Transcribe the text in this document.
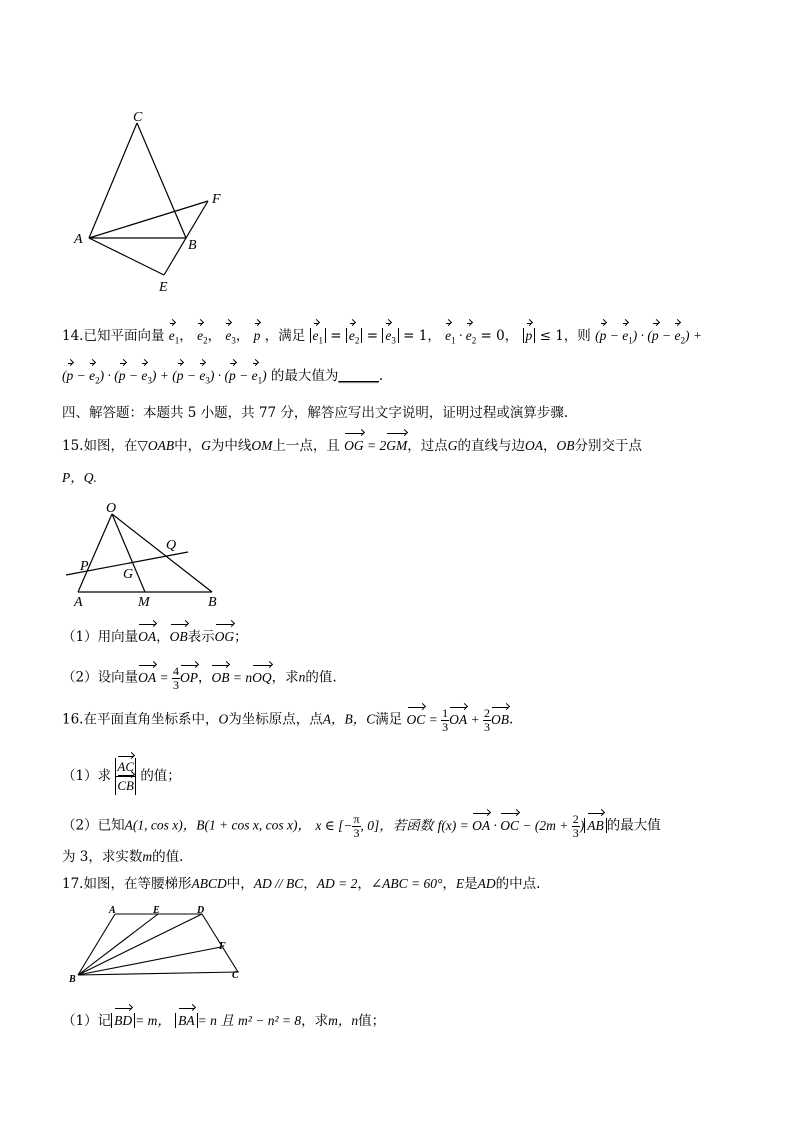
C
F
A	B
E
14.已知平面向量 $e_1$， $e_2$， $e_3$， p ，满足 $e_1 = e_2 = e_3 = 1$， $e_1 \cdot e_2 = 0$， p ≤ 1，则 $(p - e_1) \cdot (p - e_2)$ +
$(p - e_2) \cdot (p - e_3) + (p - e_3) \cdot (p - e_1)$ 的最大值为______.
四、解答题：本题共 5 小题，共 77 分，解答应写出文字说明，证明过程或演算步骤.
15.如图，在▽OAB中，G为中线OM上一点，且 OG = 2GM，过点G的直线与边OA，OB分别交于点
P，Q.
O
Q
P
G
A	M	B
（1）用向量OA，OB表示OG；
（2）设向量OA = $\frac{4}{3}$ OP，OB = nOQ，求n的值.
16.在平面直角坐标系中，O为坐标原点，点A，B，C满足 OC = $\frac{1}{3}$ OA + $\frac{2}{3}$ OB.
（1）求 $\frac{AC}{CB}$ 的值；
（2）已知A(1, cos x)，B(1 + cos x, cos x)， x ∈ [− $\frac{\pi}{3}$ , 0]，若函数 f(x) = OA · OC − ($2m + \frac{2}{3}$ ) AB 的最大值
为 3，求实数m的值.
17.如图，在等腰梯形ABCD中，AD // BC，AD = 2，∠ABC = 60°，E是AD的中点.
A	E	D
F
B	C
（1）记 BD = m， BA = n 且 m² − n² = 8，求m，n值；
